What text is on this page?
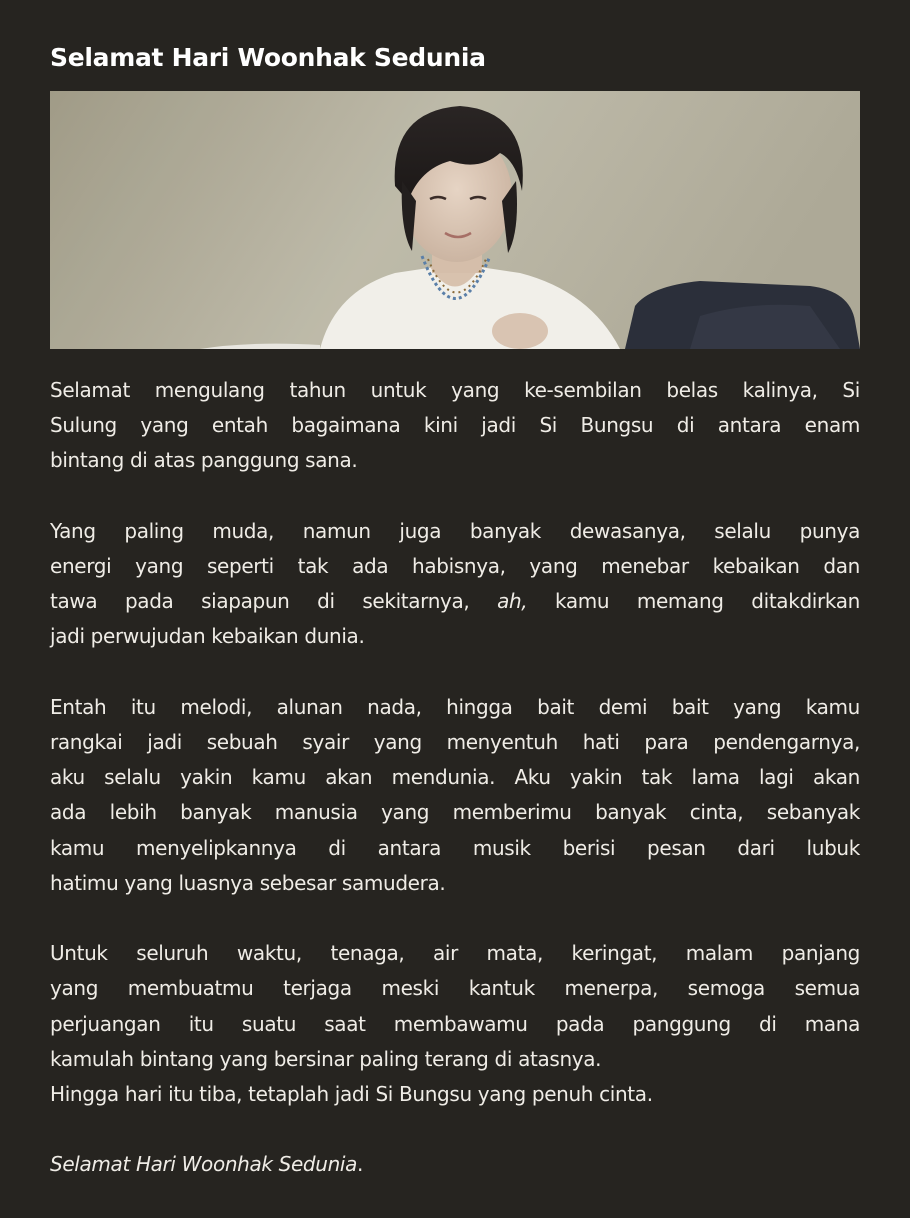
Selamat Hari Woonhak Sedunia

Selamat mengulang tahun untuk yang ke-sembilan belas kalinya, Si
Sulung yang entah bagaimana kini jadi Si Bungsu di antara enam
bintang di atas panggung sana.

Yang paling muda, namun juga banyak dewasanya, selalu punya
energi yang seperti tak ada habisnya, yang menebar kebaikan dan
tawa pada siapapun di sekitarnya, ah, kamu memang ditakdirkan
jadi perwujudan kebaikan dunia.

Entah itu melodi, alunan nada, hingga bait demi bait yang kamu
rangkai jadi sebuah syair yang menyentuh hati para pendengarnya,
aku selalu yakin kamu akan mendunia. Aku yakin tak lama lagi akan
ada lebih banyak manusia yang memberimu banyak cinta, sebanyak
kamu menyelipkannya di antara musik berisi pesan dari lubuk
hatimu yang luasnya sebesar samudera.

Untuk seluruh waktu, tenaga, air mata, keringat, malam panjang
yang membuatmu terjaga meski kantuk menerpa, semoga semua
perjuangan itu suatu saat membawamu pada panggung di mana
kamulah bintang yang bersinar paling terang di atasnya.
Hingga hari itu tiba, tetaplah jadi Si Bungsu yang penuh cinta.

Selamat Hari Woonhak Sedunia.
